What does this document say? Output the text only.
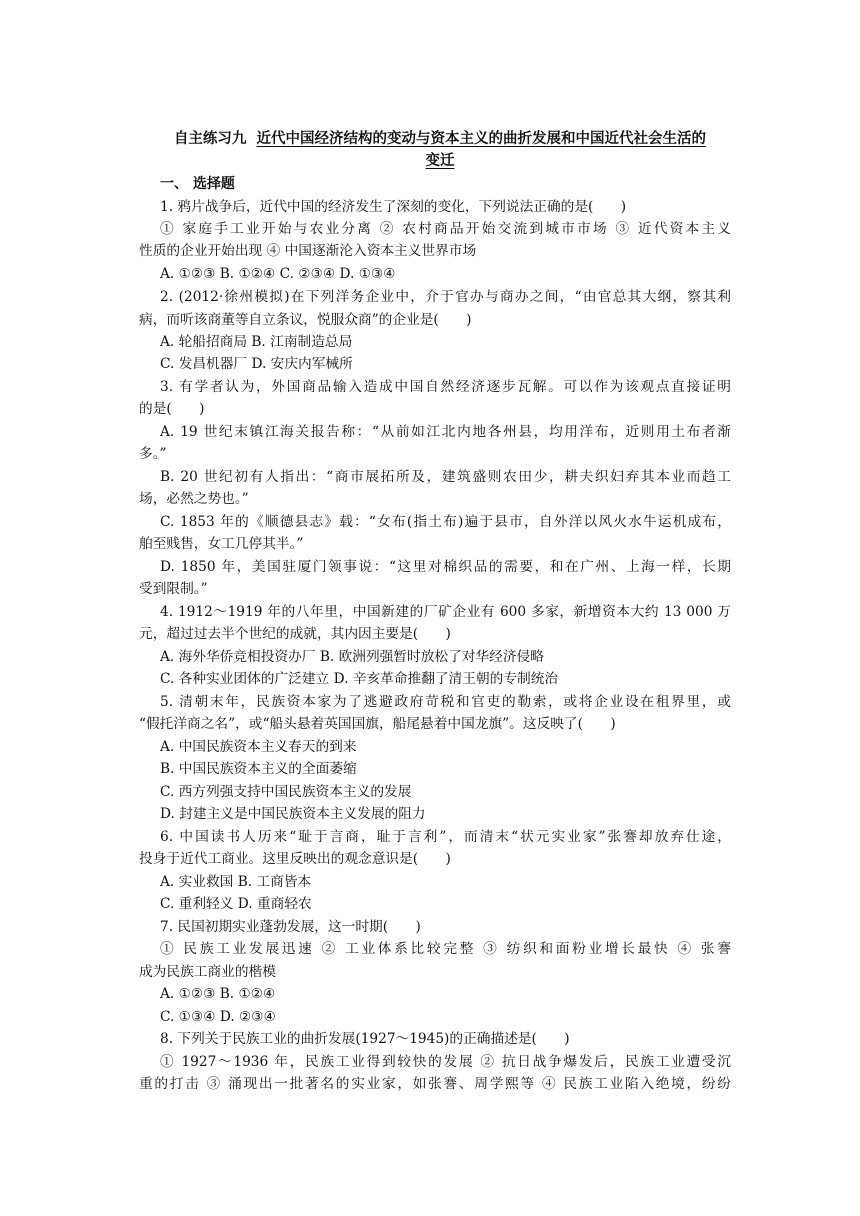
自主练习九 近代中国经济结构的变动与资本主义的曲折发展和中国近代社会生活的
变迁
一、 选择题
1. 鸦片战争后，近代中国的经济发生了深刻的变化，下列说法正确的是(　　)
① 家庭手工业开始与农业分离 ② 农村商品开始交流到城市市场 ③ 近代资本主义
性质的企业开始出现 ④ 中国逐渐沦入资本主义世界市场
A. ①②③ B. ①②④ C. ②③④ D. ①③④
2. (2012·徐州模拟)在下列洋务企业中，介于官办与商办之间，“由官总其大纲，察其利
病，而听该商董等自立条议，悦服众商”的企业是(　　)
A. 轮船招商局 B. 江南制造总局
C. 发昌机器厂 D. 安庆内军械所
3. 有学者认为，外国商品输入造成中国自然经济逐步瓦解。可以作为该观点直接证明
的是(　　)
A. 19 世纪末镇江海关报告称：“从前如江北内地各州县，均用洋布，近则用土布者渐
多。”
B. 20 世纪初有人指出：“商市展拓所及，建筑盛则农田少，耕夫织妇弃其本业而趋工
场，必然之势也。”
C. 1853 年的《顺德县志》载：“女布(指土布)遍于县市，自外洋以风火水牛运机成布，
舶至贱售，女工几停其半。”
D. 1850 年，美国驻厦门领事说：“这里对棉织品的需要，和在广州、上海一样，长期
受到限制。”
4. 1912～1919 年的八年里，中国新建的厂矿企业有 600 多家，新增资本大约 13 000 万
元，超过过去半个世纪的成就，其内因主要是(　　)
A. 海外华侨竞相投资办厂 B. 欧洲列强暂时放松了对华经济侵略
C. 各种实业团体的广泛建立 D. 辛亥革命推翻了清王朝的专制统治
5. 清朝末年，民族资本家为了逃避政府苛税和官吏的勒索，或将企业设在租界里，或
“假托洋商之名”，或“船头悬着英国国旗，船尾悬着中国龙旗”。这反映了(　　)
A. 中国民族资本主义春天的到来
B. 中国民族资本主义的全面萎缩
C. 西方列强支持中国民族资本主义的发展
D. 封建主义是中国民族资本主义发展的阻力
6. 中国读书人历来“耻于言商，耻于言利”，而清末“状元实业家”张謇却放弃仕途，
投身于近代工商业。这里反映出的观念意识是(　　)
A. 实业救国 B. 工商皆本
C. 重利轻义 D. 重商轻农
7. 民国初期实业蓬勃发展，这一时期(　　)
① 民族工业发展迅速 ② 工业体系比较完整 ③ 纺织和面粉业增长最快 ④ 张謇
成为民族工商业的楷模
A. ①②③ B. ①②④
C. ①③④ D. ②③④
8. 下列关于民族工业的曲折发展(1927～1945)的正确描述是(　　)
① 1927～1936 年，民族工业得到较快的发展 ② 抗日战争爆发后，民族工业遭受沉
重的打击 ③ 涌现出一批著名的实业家，如张謇、周学熙等 ④ 民族工业陷入绝境，纷纷
